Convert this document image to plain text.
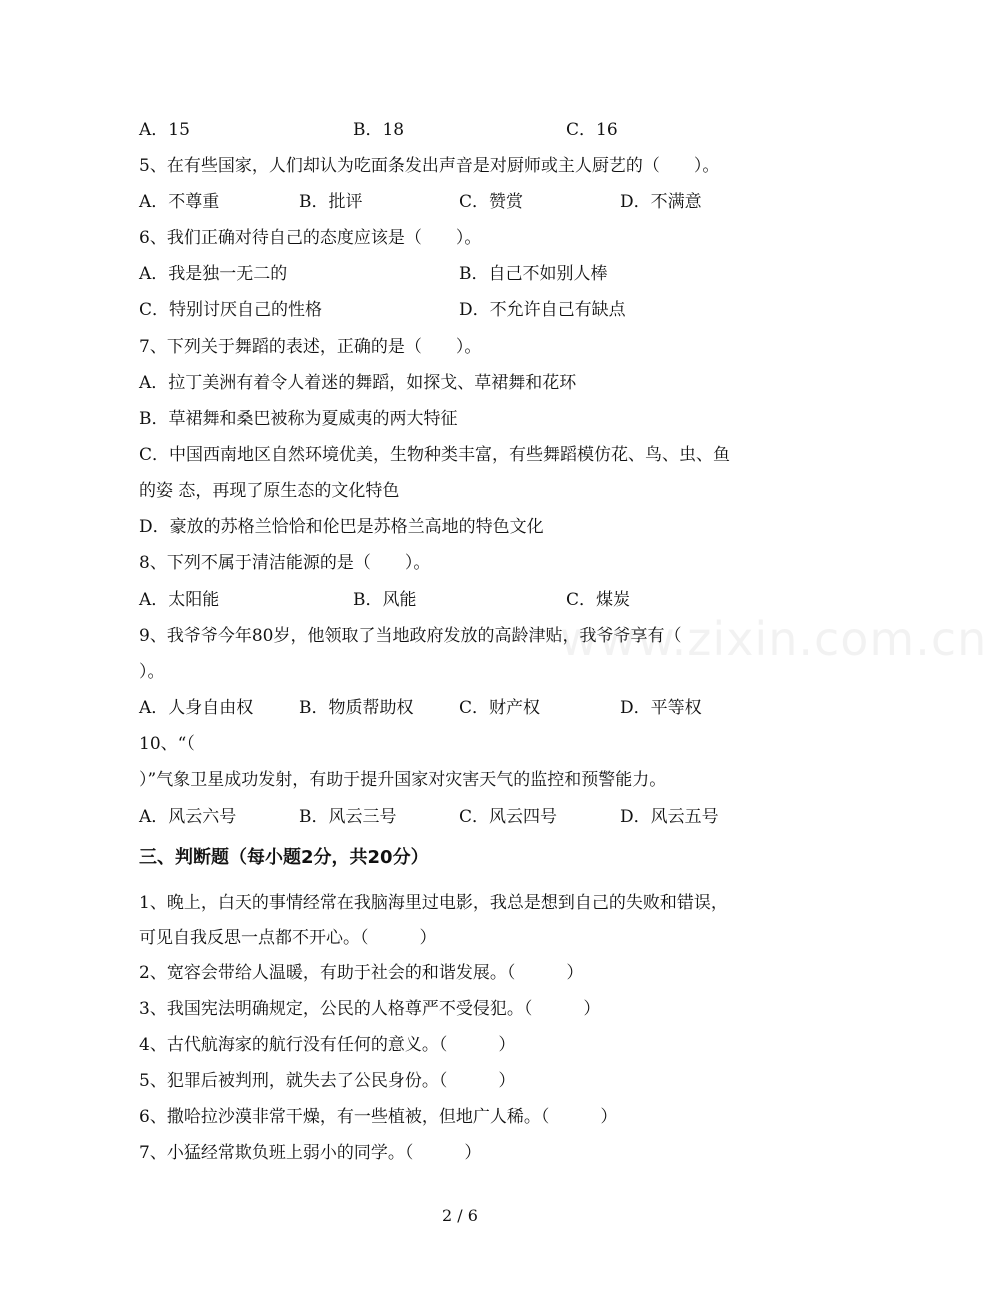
www.zixin.com.cn
A．15	B．18	C．16
5、在有些国家，人们却认为吃面条发出声音是对厨师或主人厨艺的（　　）。
A．不尊重	B．批评	C．赞赏	D．不满意
6、我们正确对待自己的态度应该是（　　）。
A．我是独一无二的	B．自己不如别人棒
C．特别讨厌自己的性格	D．不允许自己有缺点
7、下列关于舞蹈的表述，正确的是（　　）。
A．拉丁美洲有着令人着迷的舞蹈，如探戈、草裙舞和花环
B．草裙舞和桑巴被称为夏威夷的两大特征
C．中国西南地区自然环境优美，生物种类丰富，有些舞蹈模仿花、鸟、虫、鱼
的姿 态，再现了原生态的文化特色
D．豪放的苏格兰恰恰和伦巴是苏格兰高地的特色文化
8、下列不属于清洁能源的是（　　）。
A．太阳能	B．风能	C．煤炭
9、我爷爷今年80岁，他领取了当地政府发放的高龄津贴，我爷爷享有（
）。
A．人身自由权	B．物质帮助权	C．财产权	D．平等权
10、“（
）”气象卫星成功发射，有助于提升国家对灾害天气的监控和预警能力。
A．风云六号	B．风云三号	C．风云四号	D．风云五号
三、判断题（每小题2分，共20分）
1、晚上，白天的事情经常在我脑海里过电影，我总是想到自己的失败和错误，
可见自我反思一点都不开心。（　　　）
2、宽容会带给人温暖，有助于社会的和谐发展。（　　　）
3、我国宪法明确规定，公民的人格尊严不受侵犯。（　　　）
4、古代航海家的航行没有任何的意义。（　　　）
5、犯罪后被判刑，就失去了公民身份。（　　　）
6、撒哈拉沙漠非常干燥，有一些植被，但地广人稀。（　　　）
7、小猛经常欺负班上弱小的同学。（　　　）
2 / 6
